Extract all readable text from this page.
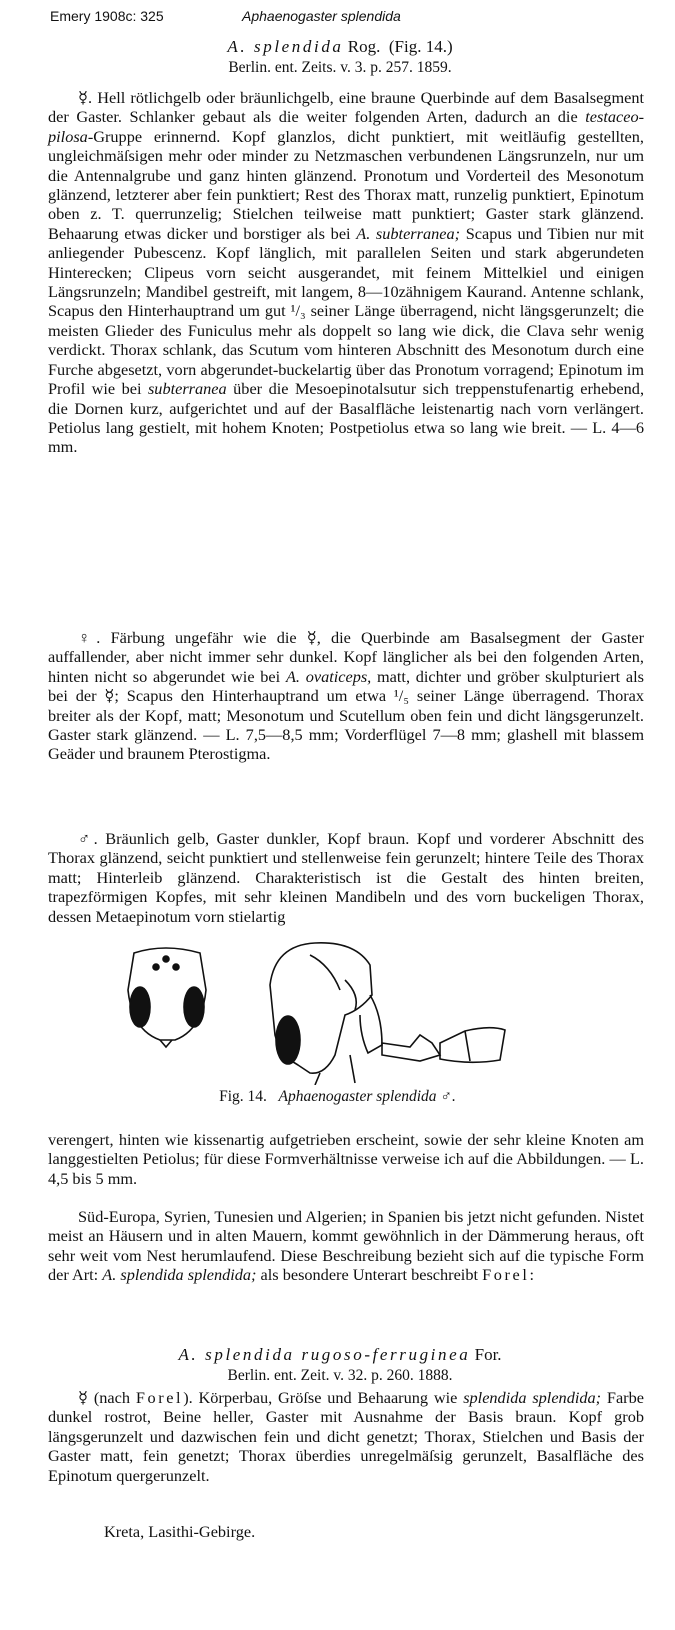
Emery 1908c: 325	Aphaenogaster splendida
A. splendida Rog. (Fig. 14.)
Berlin. ent. Zeits. v. 3. p. 257. 1859.

☿. Hell rötlichgelb oder bräunlichgelb, eine braune Querbinde auf dem Basalsegment der Gaster. Schlanker gebaut als die weiter folgenden Arten, dadurch an die testaceo-pilosa-Gruppe erinnernd. Kopf glanzlos, dicht punktiert, mit weitläufig gestellten, ungleichmäſsigen mehr oder minder zu Netzmaschen verbundenen Längsrunzeln, nur um die Antennalgrube und ganz hinten glänzend. Pronotum und Vorderteil des Mesonotum glänzend, letzterer aber fein punktiert; Rest des Thorax matt, runzelig punktiert, Epinotum oben z. T. querrunzelig; Stielchen teilweise matt punktiert; Gaster stark glänzend. Behaarung etwas dicker und borstiger als bei A. subterranea; Scapus und Tibien nur mit anliegender Pubescenz. Kopf länglich, mit parallelen Seiten und stark abgerundeten Hinterecken; Clipeus vorn seicht ausgerandet, mit feinem Mittelkiel und einigen Längsrunzeln; Mandibel gestreift, mit langem, 8—10zähnigem Kaurand. Antenne schlank, Scapus den Hinterhauptrand um gut ¹/₃ seiner Länge überragend, nicht längsgerunzelt; die meisten Glieder des Funiculus mehr als doppelt so lang wie dick, die Clava sehr wenig verdickt. Thorax schlank, das Scutum vom hinteren Abschnitt des Mesonotum durch eine Furche abgesetzt, vorn abgerundet-buckelartig über das Pronotum vorragend; Epinotum im Profil wie bei subterranea über die Mesoepinotalsutur sich treppenstufenartig erhebend, die Dornen kurz, aufgerichtet und auf der Basalfläche leistenartig nach vorn verlängert. Petiolus lang gestielt, mit hohem Knoten; Postpetiolus etwa so lang wie breit. — L. 4—6 mm.

♀. Färbung ungefähr wie die ☿, die Querbinde am Basalsegment der Gaster auffallender, aber nicht immer sehr dunkel. Kopf länglicher als bei den folgenden Arten, hinten nicht so abgerundet wie bei A. ovaticeps, matt, dichter und gröber skulpturiert als bei der ☿; Scapus den Hinterhauptrand um etwa ¹/₅ seiner Länge überragend. Thorax breiter als der Kopf, matt; Mesonotum und Scutellum oben fein und dicht längsgerunzelt. Gaster stark glänzend. — L. 7,5—8,5 mm; Vorderflügel 7—8 mm; glashell mit blassem Geäder und braunem Pterostigma.

♂. Bräunlich gelb, Gaster dunkler, Kopf braun. Kopf und vorderer Abschnitt des Thorax glänzend, seicht punktiert und stellenweise fein gerunzelt; hintere Teile des Thorax matt; Hinterleib glänzend. Charakteristisch ist die Gestalt des hinten breiten, trapezförmigen Kopfes, mit sehr kleinen Mandibeln und des vorn buckeligen Thorax, dessen Metaepinotum vorn stielartig

Fig. 14. Aphaenogaster splendida ♂.

verengert, hinten wie kissenartig aufgetrieben erscheint, sowie der sehr kleine Knoten am langgestielten Petiolus; für diese Formverhältnisse verweise ich auf die Abbildungen. — L. 4,5 bis 5 mm.

Süd-Europa, Syrien, Tunesien und Algerien; in Spanien bis jetzt nicht gefunden. Nistet meist an Häusern und in alten Mauern, kommt gewöhnlich in der Dämmerung heraus, oft sehr weit vom Nest herumlaufend. Diese Beschreibung bezieht sich auf die typische Form der Art: A. splendida splendida; als besondere Unterart beschreibt Forel:

A. splendida rugoso-ferruginea For.
Berlin. ent. Zeit. v. 32. p. 260. 1888.

☿ (nach Forel). Körperbau, Gröſse und Behaarung wie splendida splendida; Farbe dunkel rostrot, Beine heller, Gaster mit Ausnahme der Basis braun. Kopf grob längsgerunzelt und dazwischen fein und dicht genetzt; Thorax, Stielchen und Basis der Gaster matt, fein genetzt; Thorax überdies unregelmäſsig gerunzelt, Basalfläche des Epinotum quergerunzelt.

Kreta, Lasithi-Gebirge.
